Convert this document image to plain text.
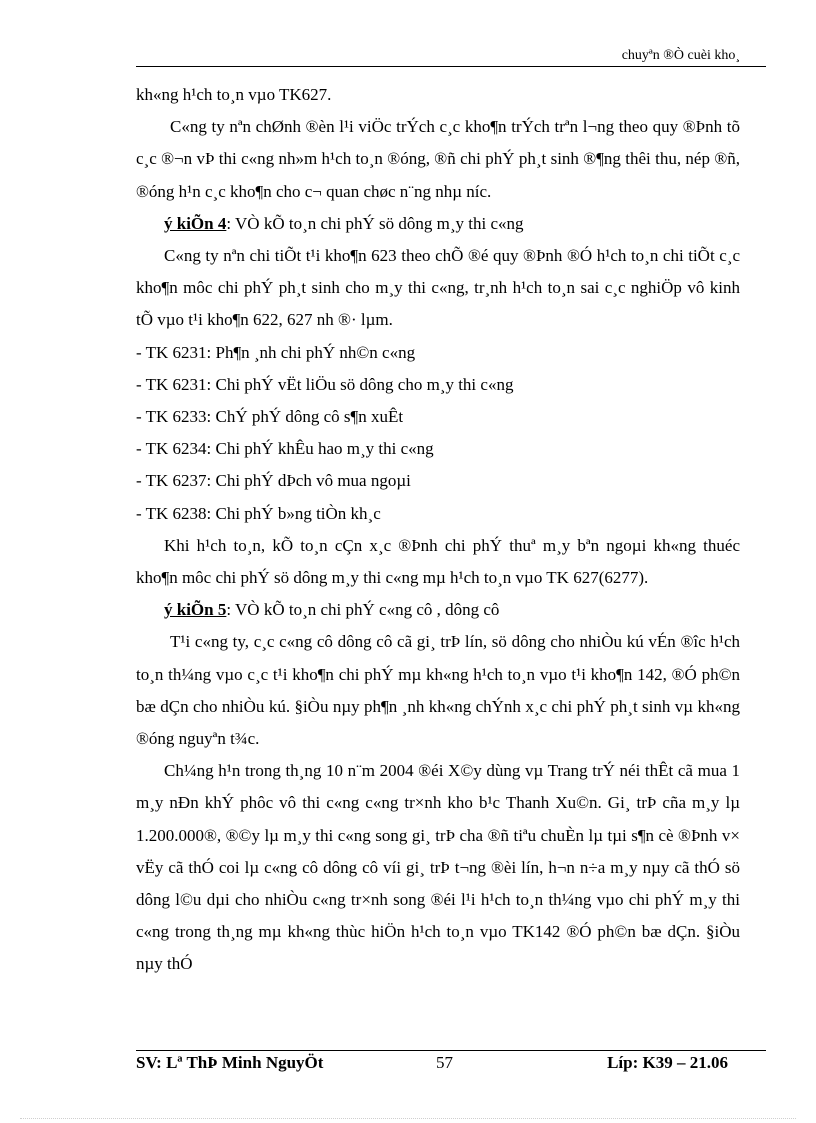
chuyªn ®Ò cuèi kho¸

kh«ng h¹ch to¸n vµo TK627.

C«ng ty nªn chØnh ®èn l¹i viÖc trÝch c¸c kho¶n trÝch trªn l¬ng theo quy ®Þnh tõ c¸c ®¬n vÞ thi c«ng nh»m h¹ch to¸n ®óng, ®ñ chi phÝ ph¸t sinh ®¶ng thêi thu, nép ®ñ, ®óng h¹n c¸c kho¶n cho c¬ quan chøc n¨ng nhµ níc.

ý kiÕn 4: VÒ kÕ to¸n chi phÝ sö dông m¸y thi c«ng

C«ng ty nªn chi tiÕt t¹i kho¶n 623 theo chÕ ®é quy ®Þnh ®Ó h¹ch to¸n chi tiÕt c¸c kho¶n môc chi phÝ ph¸t sinh cho m¸y thi c«ng, tr¸nh h¹ch to¸n sai c¸c nghiÖp vô kinh tÕ vµo t¹i kho¶n 622, 627 nh ®· lµm.

- TK 6231: Ph¶n ¸nh chi phÝ nh©n c«ng

- TK 6231: Chi phÝ vËt liÖu sö dông cho m¸y thi c«ng

- TK 6233: ChÝ phÝ dông cô s¶n xuÊt

- TK 6234: Chi phÝ khÊu hao m¸y thi c«ng

- TK 6237: Chi phÝ dÞch vô mua ngoµi

- TK 6238: Chi phÝ b»ng tiÒn kh¸c

Khi h¹ch to¸n, kÕ to¸n cÇn x¸c ®Þnh chi phÝ thuª m¸y bªn ngoµi kh«ng thuéc kho¶n môc chi phÝ sö dông m¸y thi c«ng mµ h¹ch to¸n vµo TK 627(6277).

ý kiÕn 5: VÒ kÕ to¸n chi phÝ c«ng cô , dông cô

T¹i c«ng ty, c¸c c«ng cô dông cô cã gi¸ trÞ lín, sö dông cho nhiÒu kú vÉn ®îc h¹ch to¸n th¼ng vµo c¸c t¹i kho¶n chi phÝ mµ kh«ng h¹ch to¸n vµo t¹i kho¶n 142, ®Ó ph©n bæ dÇn cho nhiÒu kú. §iÒu nµy ph¶n ¸nh kh«ng chÝnh x¸c chi phÝ ph¸t sinh vµ kh«ng ®óng nguyªn t¾c.

Ch¼ng h¹n trong th¸ng 10 n¨m 2004 ®éi X©y dùng vµ Trang trÝ néi thÊt cã mua 1 m¸y nÐn khÝ phôc vô thi c«ng c«ng tr×nh kho b¹c Thanh Xu©n. Gi¸ trÞ cña m¸y lµ 1.200.000®, ®©y lµ m¸y thi c«ng song gi¸ trÞ cha ®ñ tiªu chuÈn lµ tµi s¶n cè ®Þnh v× vËy cã thÓ coi lµ c«ng cô dông cô víi gi¸ trÞ t¬ng ®èi lín, h¬n n÷a m¸y nµy cã thÓ sö dông l©u dµi cho nhiÒu c«ng tr×nh song ®éi l¹i h¹ch to¸n th¼ng vµo chi phÝ m¸y thi c«ng trong th¸ng mµ kh«ng thùc hiÖn h¹ch to¸n vµo TK142 ®Ó ph©n bæ dÇn. §iÒu nµy thÓ

SV: Lª ThÞ Minh NguyÖt	57	Líp: K39 – 21.06
